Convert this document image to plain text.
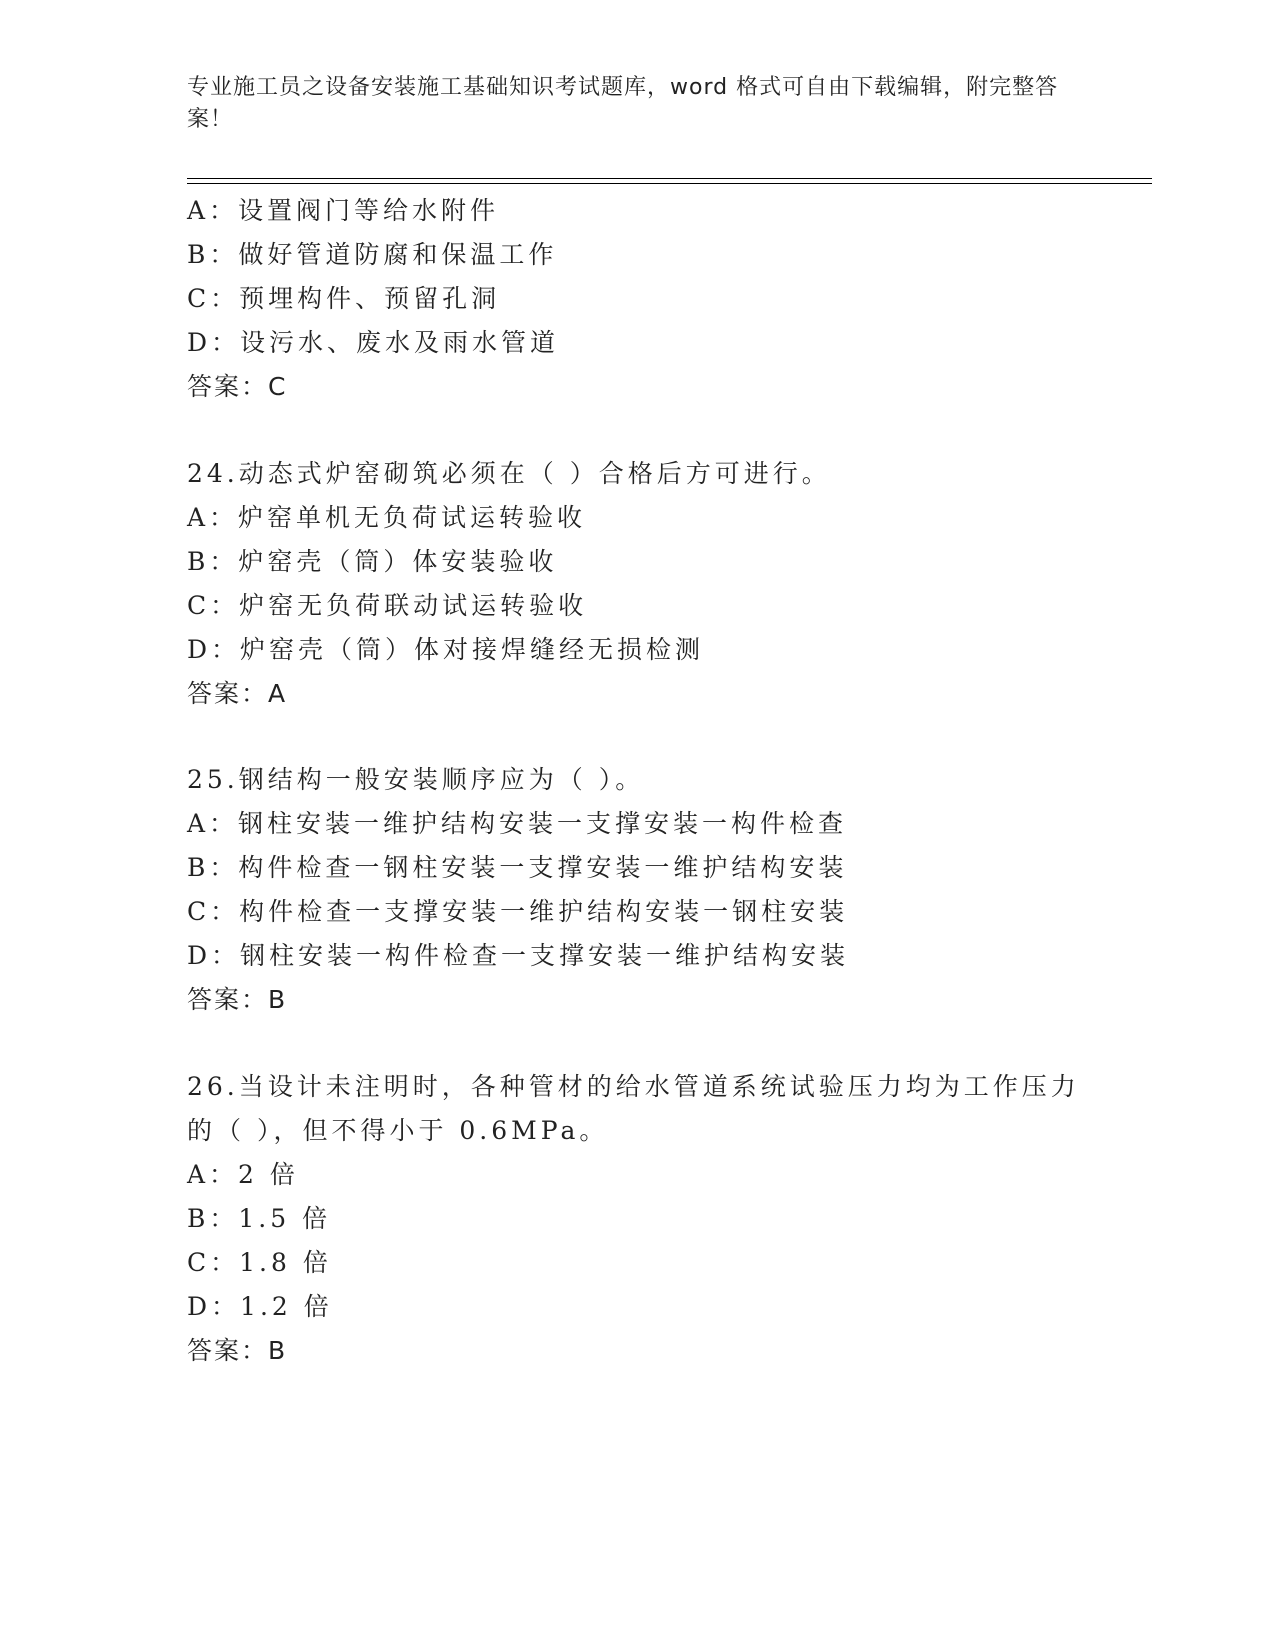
专业施工员之设备安装施工基础知识考试题库，word 格式可自由下载编辑，附完整答案！
A：设置阀门等给水附件
B：做好管道防腐和保温工作
C：预埋构件、预留孔洞
D：设污水、废水及雨水管道
答案：C
24.动态式炉窑砌筑必须在（ ）合格后方可进行。
A：炉窑单机无负荷试运转验收
B：炉窑壳（筒）体安装验收
C：炉窑无负荷联动试运转验收
D：炉窑壳（筒）体对接焊缝经无损检测
答案：A
25.钢结构一般安装顺序应为（ ）。
A：钢柱安装一维护结构安装一支撑安装一构件检查
B：构件检查一钢柱安装一支撑安装一维护结构安装
C：构件检查一支撑安装一维护结构安装一钢柱安装
D：钢柱安装一构件检查一支撑安装一维护结构安装
答案：B
26.当设计未注明时，各种管材的给水管道系统试验压力均为工作压力
的（ ），但不得小于 0.6MPa。
A：2 倍
B：1.5 倍
C：1.8 倍
D：1.2 倍
答案：B
